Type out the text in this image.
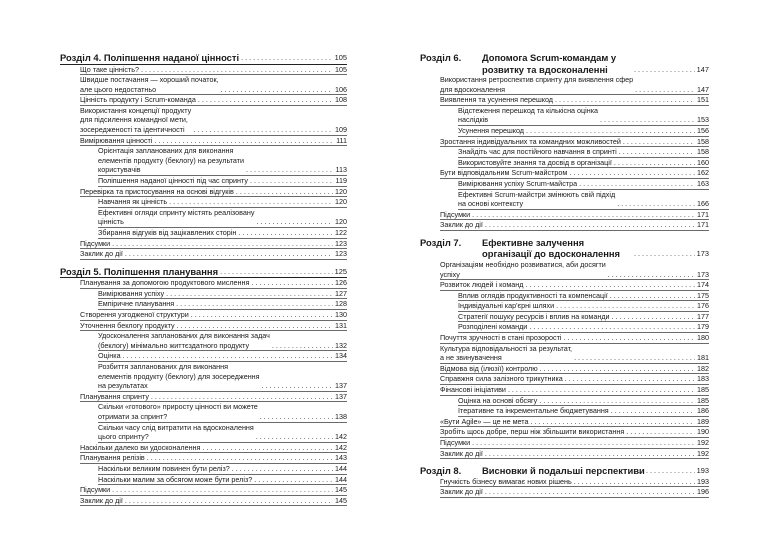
Розділ 4. Поліпшення наданої цінності . . .	105
Що таке цінність? . . .	105
Швидше постачання — хороший початок,
але цього недостатньо . . .	106
Цінність продукту і Scrum-команда . . .	108
Використання концепції продукту
для підсилення командної мети,
зосередженості та ідентичності . . .	109
Вимірювання цінності . . .	111
Орієнтація запланованих для виконання
елементів продукту (беклогу) на результати
користувачів . . .	113
Поліпшення наданої цінності під час спринту . . .	119
Перевірка та пристосування на основі відгуків . . .	120
Навчання як цінність . . .	120
Ефективні огляди спринту містять реалізовану
цінність . . .	120
Збирання відгуків від зацікавлених сторін . . .	122
Підсумки . . .	123
Заклик до дії . . .	123
Розділ 5. Поліпшення планування . . .	125
Планування за допомогою продуктового мислення . . .	126
Вимірювання успіху . . .	127
Емпіричне планування . . .	128
Створення узгодженої структури . . .	130
Уточнення беклогу продукту . . .	131
Удосконалення запланованих для виконання задач
(беклогу) мінімально життєздатного продукту . . .	132
Оцінка . . .	134
Розбиття запланованих для виконання
елементів продукту (беклогу) для зосередження
на результатах . . .	137
Планування спринту . . .	137
Скільки «готового» приросту цінності ви можете
отримати за спринт? . . .	138
Скільки часу слід витратити на вдосконалення
цього спринту? . . .	142
Наскільки далеко ви удосконалення . . .	142
Планування релізів . . .	143
Наскільки великим повинен бути реліз? . . .	144
Наскільки малим за обсягом може бути реліз? . . .	144
Підсумки . . .	145
Заклик до дії . . .	145
Розділ 6. Допомога Scrum-командам у розвитку та вдосконаленні . . .	147
Використання ретроспектив спринту для виявлення сфер
для вдосконалення . . .	147
Виявлення та усунення перешкод . . .	151
Відстеження перешкод та кількісна оцінка
наслідків . . .	153
Усунення перешкод . . .	156
Зростання індивідуальних та командних можливостей . . .	158
Знайдіть час для постійного навчання в спринті . . .	158
Використовуйте знання та досвід в організації . . .	160
Бути відповідальним Scrum-майстром . . .	162
Вимірювання успіху Scrum-майстра . . .	163
Ефективні Scrum-майстри змінюють свій підхід
на основі контексту . . .	166
Підсумки . . .	171
Заклик до дії . . .	171
Розділ 7. Ефективне залучення організації до вдосконалення . . .	173
Організаціям необхідно розвиватися, аби досягти
успіху . . .	173
Розвиток людей і команд . . .	174
Вплив оглядів продуктивності та компенсації . . .	175
Індивідуальні кар'єрні шляхи . . .	176
Стратегії пошуку ресурсів і вплив на команди . . .	177
Розподілені команди . . .	179
Почуття зручності в стані прозорості . . .	180
Культура відповідальності за результат,
а не звинувачення . . .	181
Відмова від (ілюзії) контролю . . .	182
Справжня сила залізного трикутника . . .	183
Фінансові ініціативи . . .	185
Оцінка на основі обсягу . . .	185
Ітеративне та інкрементальне бюджетування . . .	186
«Бути Agile» — це не мета . . .	189
Зробіть щось добре, перш ніж збільшити використання . . .	190
Підсумки . . .	192
Заклик до дії . . .	192
Розділ 8. Висновки й подальші перспективи . . .	193
Гнучкість бізнесу вимагає нових рішень . . .	193
Заклик до дії . . .	196
